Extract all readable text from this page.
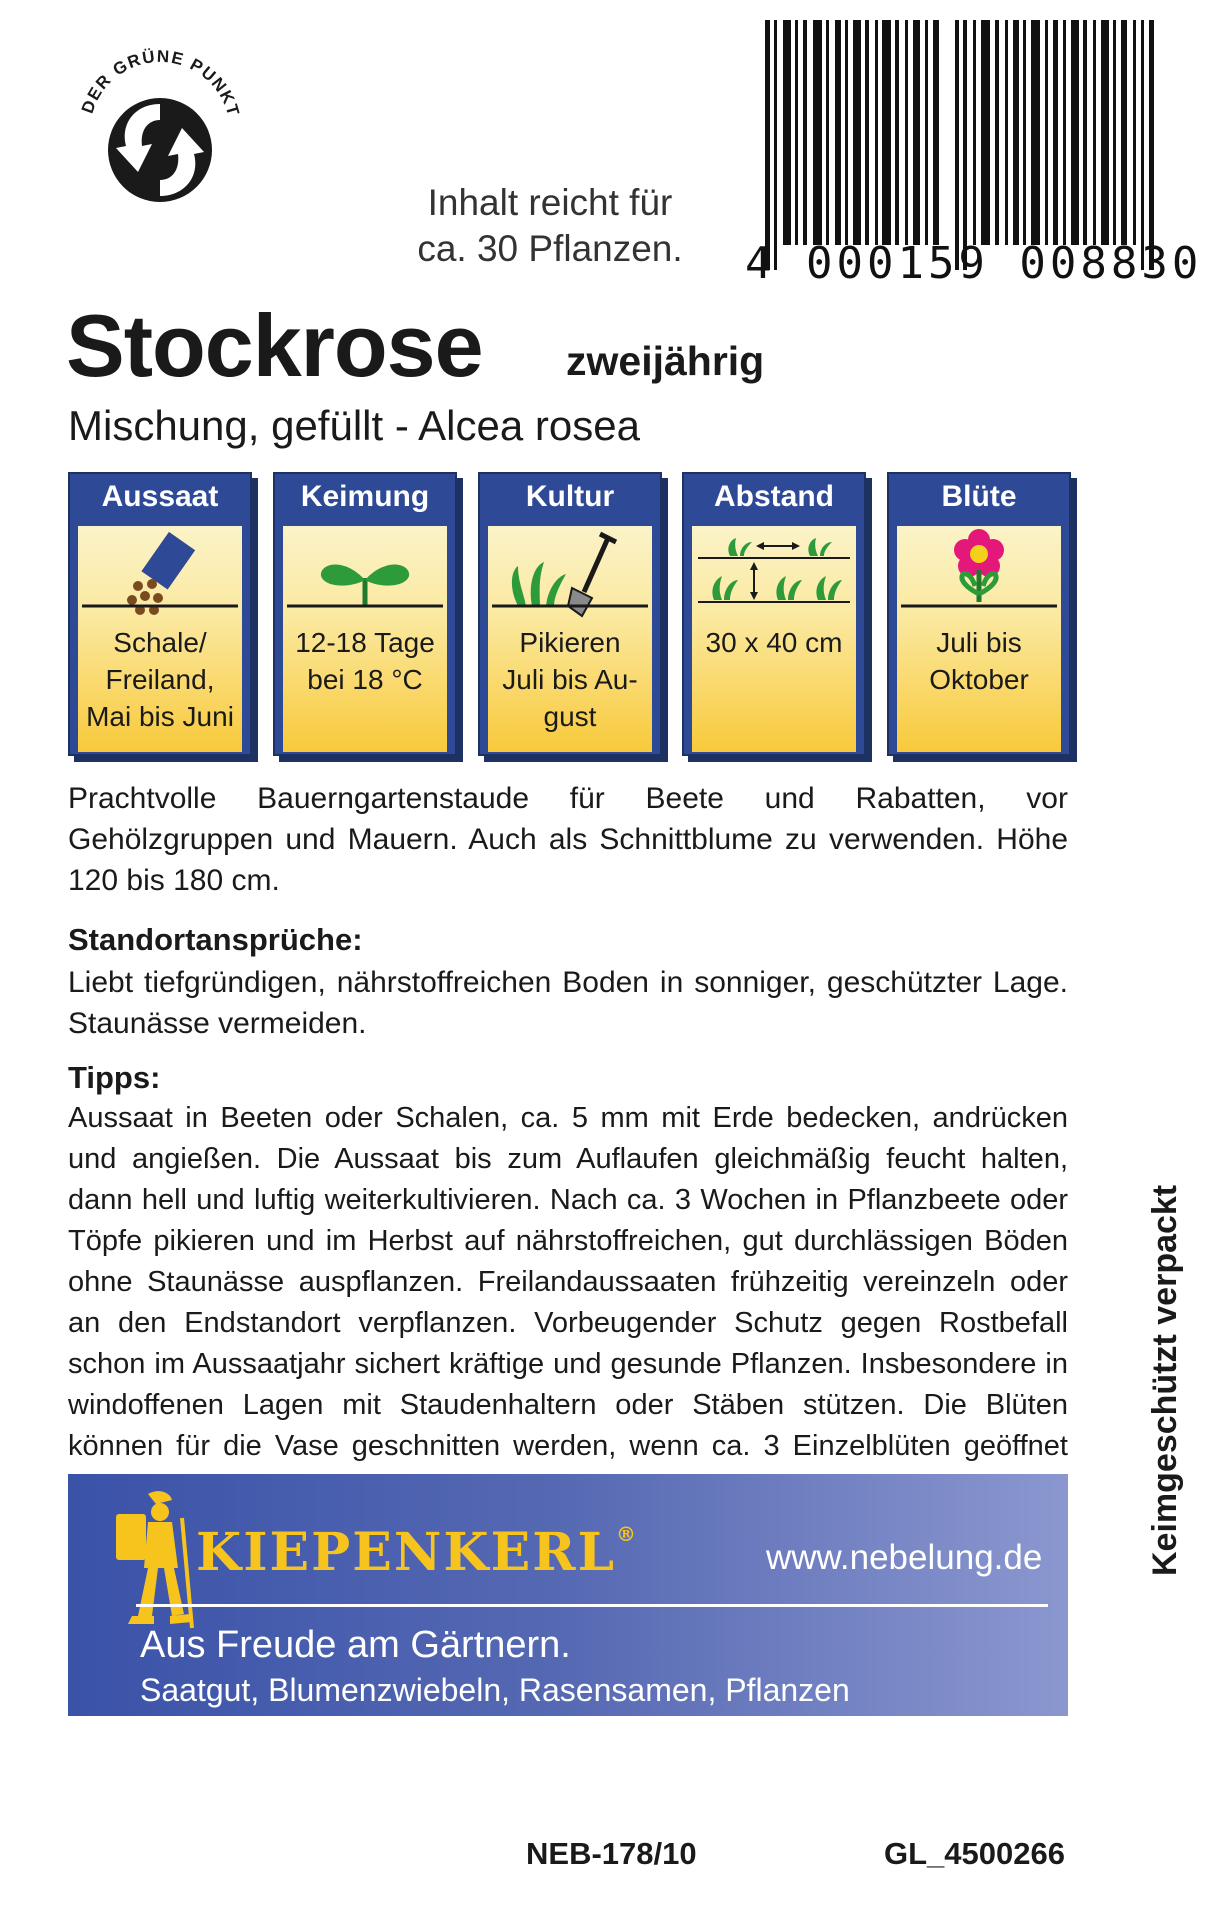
DER GRÜNE PUNKT
4 000159 008830
Inhalt reicht für
ca. 30 Pflanzen.
Stockrose zweijährig
Mischung, gefüllt - Alcea rosea
Aussaat
Schale/
Freiland,
Mai bis Juni
Keimung
12-18 Tage
bei 18 °C
Kultur
Pikieren
Juli bis Au-
gust
Abstand
30 x 40 cm
Blüte
Juli bis
Oktober
Prachtvolle Bauerngartenstaude für Beete und Rabatten, vor Gehölzgruppen und Mauern. Auch als Schnittblume zu verwenden. Höhe 120 bis 180 cm.
Standortansprüche:
Liebt tiefgründigen, nährstoffreichen Boden in sonniger, geschützter Lage. Staunässe vermeiden.
Tipps:
Aussaat in Beeten oder Schalen, ca. 5 mm mit Erde bedecken, andrücken und angießen. Die Aussaat bis zum Auflaufen gleichmäßig feucht halten, dann hell und luftig weiterkultivieren. Nach ca. 3 Wochen in Pflanzbeete oder Töpfe pikieren und im Herbst auf nährstoffreichen, gut durchlässigen Böden ohne Staunässe auspflanzen. Freilandaussaaten frühzeitig vereinzeln oder an den Endstandort verpflanzen. Vorbeugender Schutz gegen Rostbefall schon im Aussaatjahr sichert kräftige und gesunde Pflanzen. Insbesondere in windoffenen Lagen mit Staudenhaltern oder Stäben stützen. Die Blüten können für die Vase geschnitten werden, wenn ca. 3 Einzelblüten geöffnet
KIEPENKERL®
www.nebelung.de
Aus Freude am Gärtnern.
Saatgut, Blumenzwiebeln, Rasensamen, Pflanzen
Keimgeschützt verpackt
NEB-178/10	GL_4500266
